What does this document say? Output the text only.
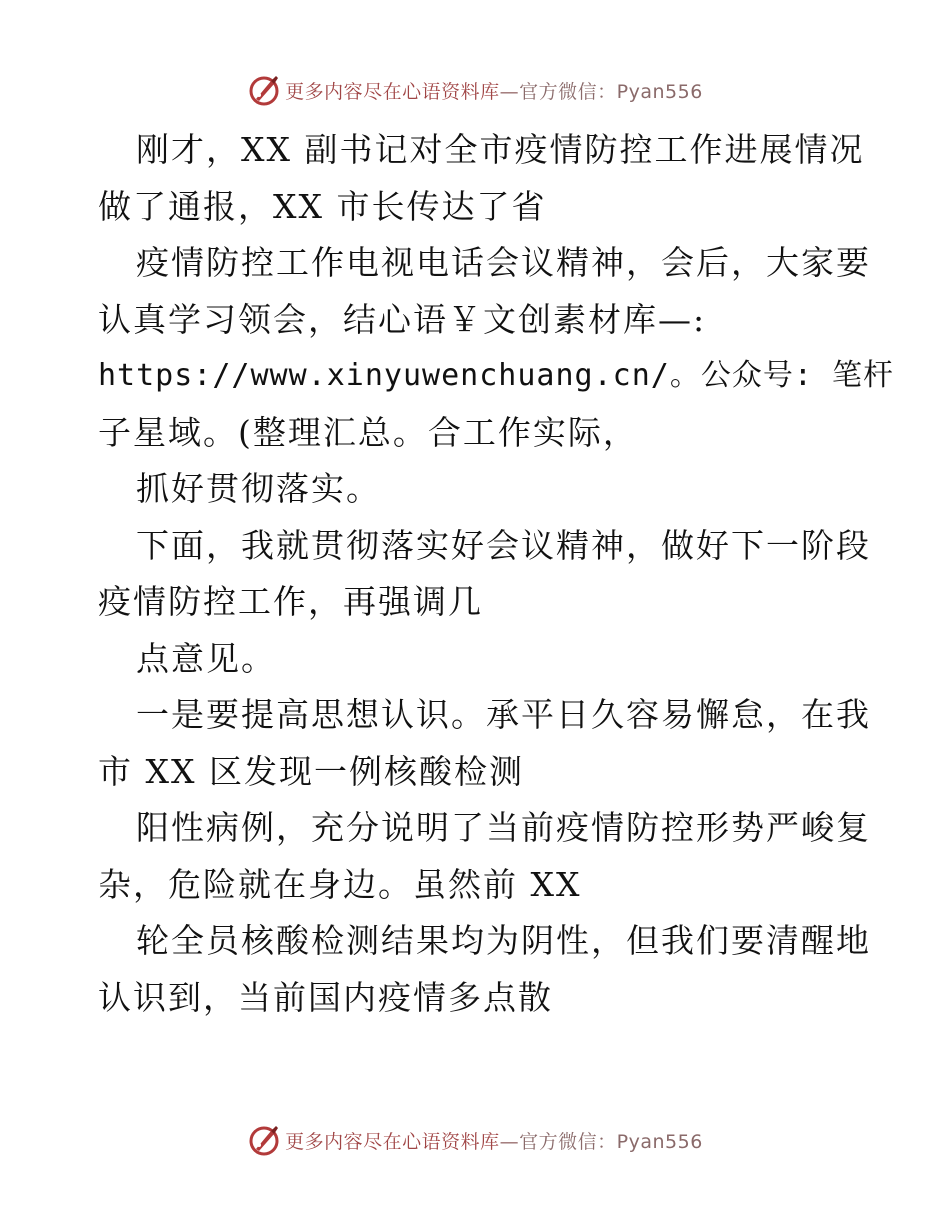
更多内容尽在心语资料库—官方微信：Pyan556
刚才，XX 副书记对全市疫情防控工作进展情况
做了通报，XX 市长传达了省
疫情防控工作电视电话会议精神，会后，大家要
认真学习领会，结心语￥文创素材库—:
https://www.xinyuwenchuang.cn/。公众号: 笔杆
子星域。(整理汇总。合工作实际，
抓好贯彻落实。
下面，我就贯彻落实好会议精神，做好下一阶段
疫情防控工作，再强调几
点意见。
一是要提高思想认识。承平日久容易懈怠，在我
市 XX 区发现一例核酸检测
阳性病例，充分说明了当前疫情防控形势严峻复
杂，危险就在身边。虽然前 XX
轮全员核酸检测结果均为阴性，但我们要清醒地
认识到，当前国内疫情多点散
更多内容尽在心语资料库—官方微信：Pyan556
